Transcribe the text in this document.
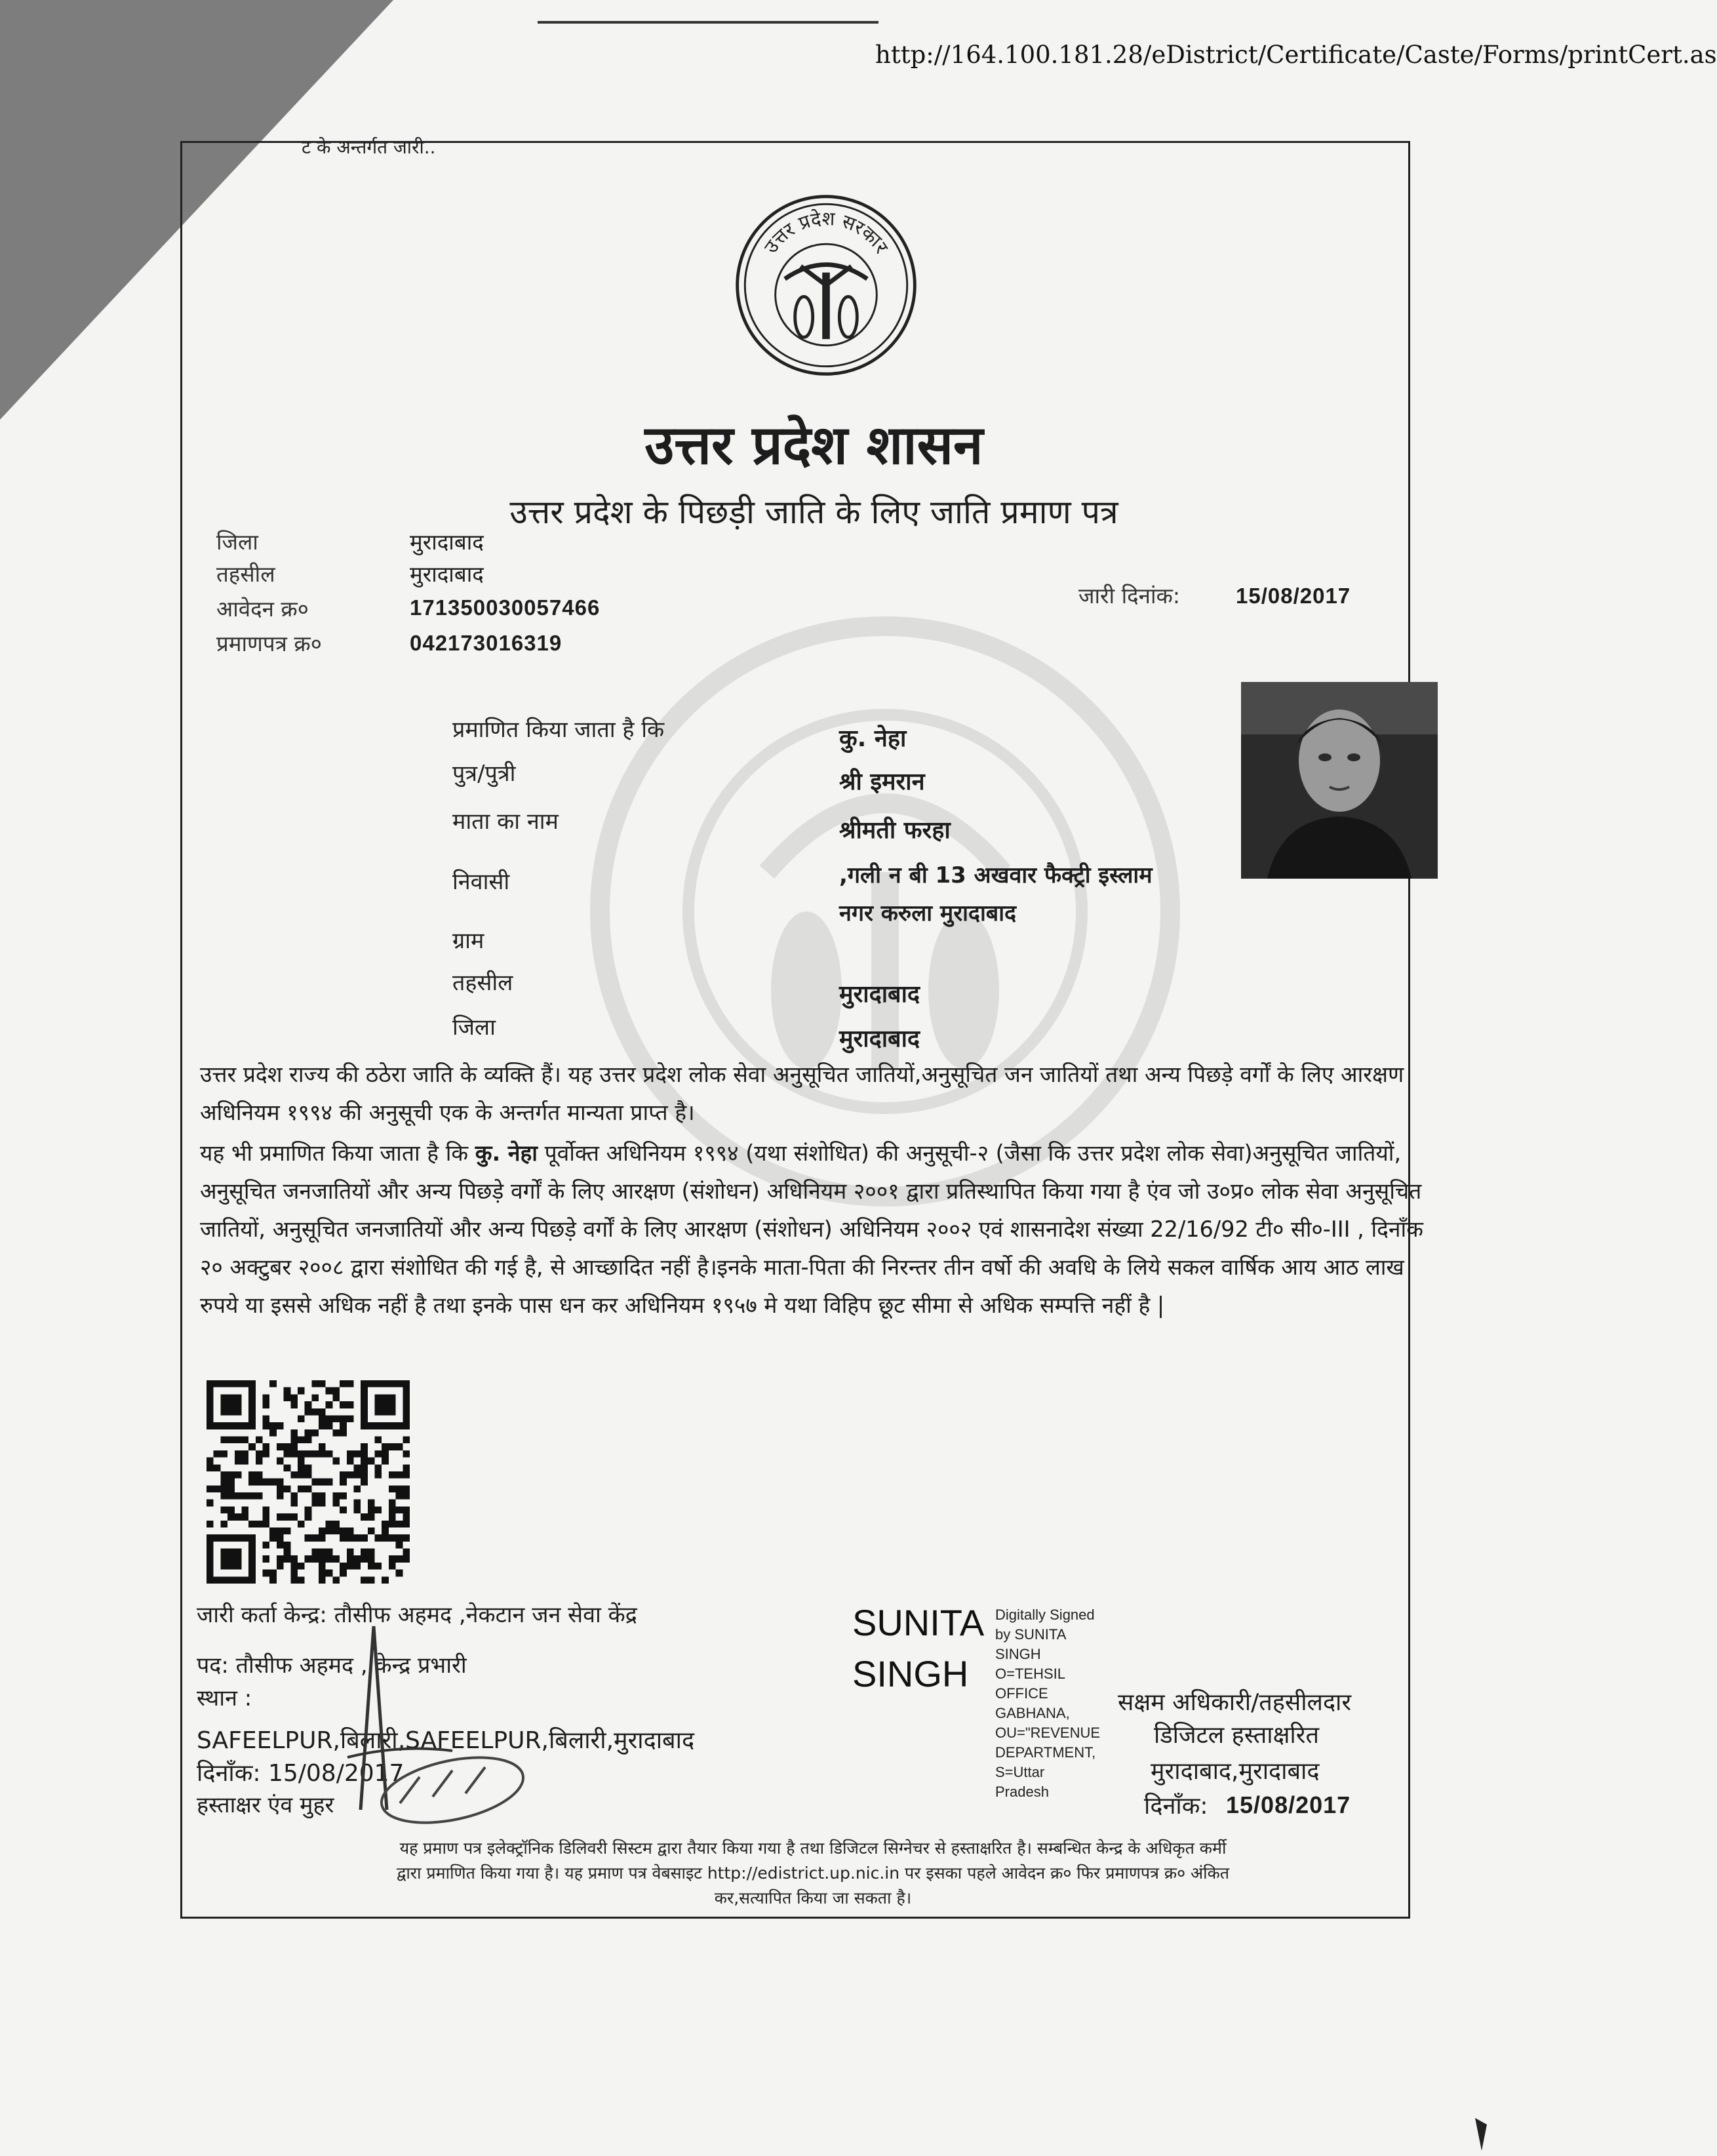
http://164.100.181.28/eDistrict/Certificate/Caste/Forms/printCert.as
ट के अन्तर्गत जारी..
उत्तर प्रदेश सरकार
उत्तर प्रदेश शासन
उत्तर प्रदेश के पिछड़ी जाति के लिए जाति प्रमाण पत्र
जिला	मुरादाबाद
तहसील	मुरादाबाद
आवेदन क्र०	171350030057466
प्रमाणपत्र क्र०	042173016319
जारी दिनांक:	15/08/2017
प्रमाणित किया जाता है कि	कु. नेहा
पुत्र/पुत्री	श्री इमरान
माता का नाम	श्रीमती फरहा
निवासी	,गली न बी 13 अखवार फैक्ट्री इस्लाम
नगर करुला मुरादाबाद
ग्राम
तहसील	मुरादाबाद
जिला	मुरादाबाद
उत्तर प्रदेश राज्य की ठठेरा जाति के व्यक्ति हैं। यह उत्तर प्रदेश लोक सेवा अनुसूचित जातियों,अनुसूचित जन जातियों तथा अन्य पिछड़े वर्गों के लिए आरक्षण अधिनियम १९९४ की अनुसूची एक के अन्तर्गत मान्यता प्राप्त है।
यह भी प्रमाणित किया जाता है कि कु. नेहा पूर्वोक्त अधिनियम १९९४ (यथा संशोधित) की अनुसूची-२ (जैसा कि उत्तर प्रदेश लोक सेवा)अनुसूचित जातियों, अनुसूचित जनजातियों और अन्य पिछड़े वर्गों के लिए आरक्षण (संशोधन) अधिनियम २००१ द्वारा प्रतिस्थापित किया गया है एंव जो उ०प्र० लोक सेवा अनुसूचित जातियों, अनुसूचित जनजातियों और अन्य पिछड़े वर्गों के लिए आरक्षण (संशोधन) अधिनियम २००२ एवं शासनादेश संख्या 22/16/92 टी० सी०-III , दिनाँक २० अक्टुबर २००८ द्वारा संशोधित की गई है, से आच्छादित नहीं है।इनके माता-पिता की निरन्तर तीन वर्षो की अवधि के लिये सकल वार्षिक आय आठ लाख रुपये या इससे अधिक नहीं है तथा इनके पास धन कर अधिनियम १९५७ मे यथा विहिप छूट सीमा से अधिक सम्पत्ति नहीं है |
जारी कर्ता केन्द्र: तौसीफ अहमद ,नेकटान जन सेवा केंद्र
पद: तौसीफ अहमद , केन्द्र प्रभारी
स्थान :
SAFEELPUR,बिलारी,SAFEELPUR,बिलारी,मुरादाबाद
दिनाँक: 15/08/2017
हस्ताक्षर एंव मुहर
SUNITA
SINGH
Digitally Signed
by SUNITA
SINGH
O=TEHSIL
OFFICE
GABHANA,
OU="REVENUE
DEPARTMENT,
S=Uttar
Pradesh
सक्षम अधिकारी/तहसीलदार
डिजिटल हस्ताक्षरित
मुरादाबाद,मुरादाबाद
दिनाँक: 15/08/2017
यह प्रमाण पत्र इलेक्ट्रॉनिक डिलिवरी सिस्टम द्वारा तैयार किया गया है तथा डिजिटल सिग्नेचर से हस्ताक्षरित है। सम्बन्धित केन्द्र के अधिकृत कर्मी
द्वारा प्रमाणित किया गया है। यह प्रमाण पत्र वेबसाइट http://edistrict.up.nic.in पर इसका पहले आवेदन क्र० फिर प्रमाणपत्र क्र० अंकित
कर,सत्यापित किया जा सकता है।
